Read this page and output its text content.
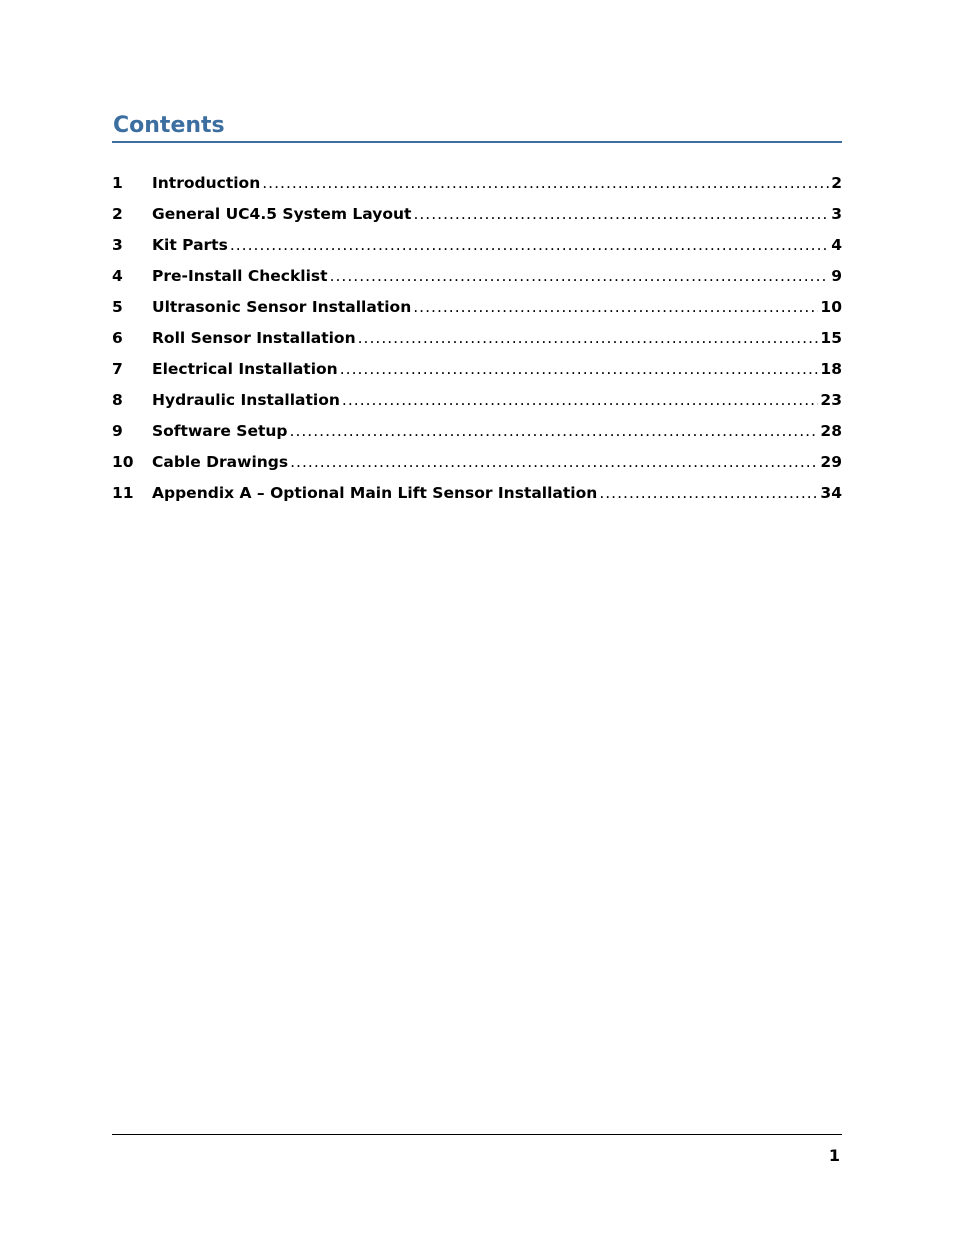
Contents
1	Introduction .....	2
2	General UC4.5 System Layout .....	3
3	Kit Parts .....	4
4	Pre-Install Checklist .....	9
5	Ultrasonic Sensor Installation .....	10
6	Roll Sensor Installation .....	15
7	Electrical Installation .....	18
8	Hydraulic Installation .....	23
9	Software Setup .....	28
10	Cable Drawings .....	29
11	Appendix A – Optional Main Lift Sensor Installation .....	34
1
